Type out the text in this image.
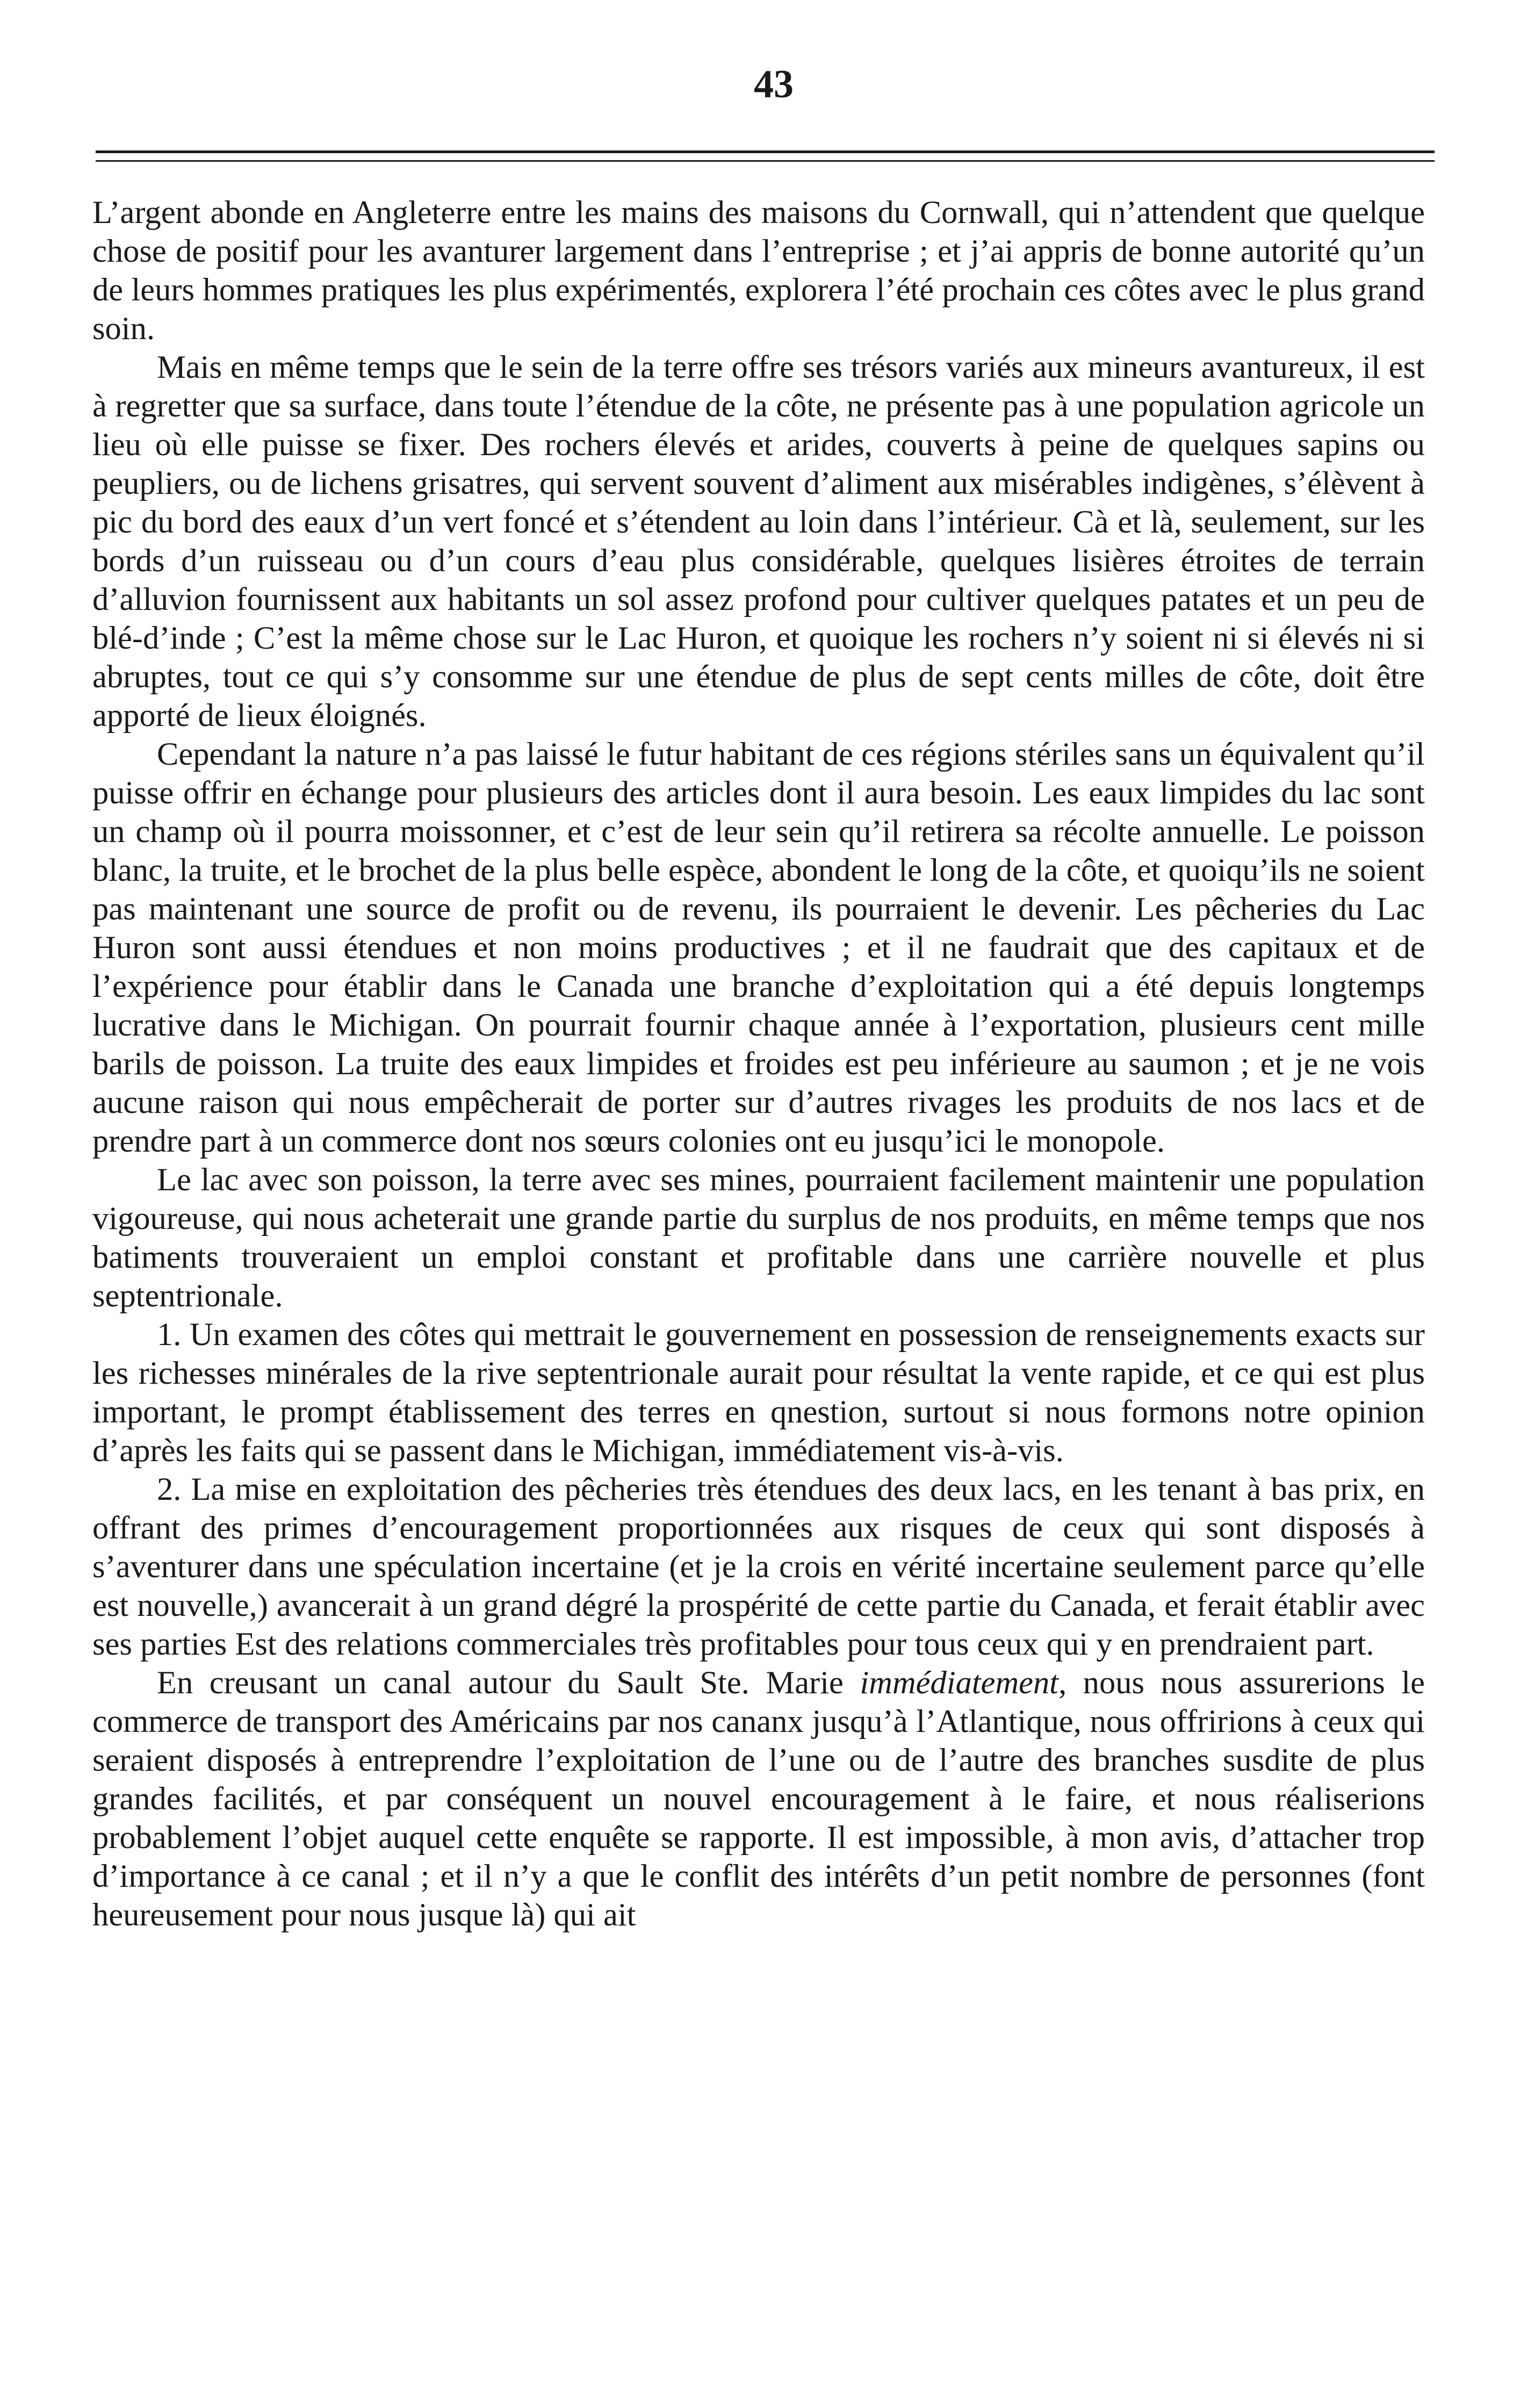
43

L’argent abonde en Angleterre entre les mains des maisons du Cornwall, qui n’attendent que quelque chose de positif pour les avanturer largement dans l’entreprise ; et j’ai appris de bonne autorité qu’un de leurs hommes pratiques les plus expérimentés, explorera l’été prochain ces côtes avec le plus grand soin.

Mais en même temps que le sein de la terre offre ses trésors variés aux mineurs avantureux, il est à regretter que sa surface, dans toute l’étendue de la côte, ne présente pas à une population agricole un lieu où elle puisse se fixer. Des rochers élevés et arides, couverts à peine de quelques sapins ou peupliers, ou de lichens grisatres, qui servent souvent d’aliment aux misérables indigènes, s’élèvent à pic du bord des eaux d’un vert foncé et s’étendent au loin dans l’intérieur. Cà et là, seulement, sur les bords d’un ruisseau ou d’un cours d’eau plus considérable, quelques lisières étroites de terrain d’alluvion fournissent aux habitants un sol assez profond pour cultiver quelques patates et un peu de blé-d’inde ; C’est la même chose sur le Lac Huron, et quoique les rochers n’y soient ni si élevés ni si abruptes, tout ce qui s’y consomme sur une étendue de plus de sept cents milles de côte, doit être apporté de lieux éloignés.

Cependant la nature n’a pas laissé le futur habitant de ces régions stériles sans un équivalent qu’il puisse offrir en échange pour plusieurs des articles dont il aura besoin. Les eaux limpides du lac sont un champ où il pourra moissonner, et c’est de leur sein qu’il retirera sa récolte annuelle. Le poisson blanc, la truite, et le brochet de la plus belle espèce, abondent le long de la côte, et quoiqu’ils ne soient pas maintenant une source de profit ou de revenu, ils pourraient le devenir. Les pêcheries du Lac Huron sont aussi étendues et non moins productives ; et il ne faudrait que des capitaux et de l’expérience pour établir dans le Canada une branche d’exploitation qui a été depuis longtemps lucrative dans le Michigan. On pourrait fournir chaque année à l’exportation, plusieurs cent mille barils de poisson. La truite des eaux limpides et froides est peu inférieure au saumon ; et je ne vois aucune raison qui nous empêcherait de porter sur d’autres rivages les produits de nos lacs et de prendre part à un commerce dont nos sœurs colonies ont eu jusqu’ici le monopole.

Le lac avec son poisson, la terre avec ses mines, pourraient facilement maintenir une population vigoureuse, qui nous acheterait une grande partie du surplus de nos produits, en même temps que nos batiments trouveraient un emploi constant et profitable dans une carrière nouvelle et plus septentrionale.

1. Un examen des côtes qui mettrait le gouvernement en possession de renseignements exacts sur les richesses minérales de la rive septentrionale aurait pour résultat la vente rapide, et ce qui est plus important, le prompt établissement des terres en qnestion, surtout si nous formons notre opinion d’après les faits qui se passent dans le Michigan, immédiatement vis-à-vis.

2. La mise en exploitation des pêcheries très étendues des deux lacs, en les tenant à bas prix, en offrant des primes d’encouragement proportionnées aux risques de ceux qui sont disposés à s’aventurer dans une spéculation incertaine (et je la crois en vérité incertaine seulement parce qu’elle est nouvelle,) avancerait à un grand dégré la prospérité de cette partie du Canada, et ferait établir avec ses parties Est des relations commerciales très profitables pour tous ceux qui y en prendraient part.

En creusant un canal autour du Sault Ste. Marie immédiatement, nous nous assurerions le commerce de transport des Américains par nos cananx jusqu’à l’Atlantique, nous offririons à ceux qui seraient disposés à entreprendre l’exploitation de l’une ou de l’autre des branches susdite de plus grandes facilités, et par conséquent un nouvel encouragement à le faire, et nous réaliserions probablement l’objet auquel cette enquête se rapporte. Il est impossible, à mon avis, d’attacher trop d’importance à ce canal ; et il n’y a que le conflit des intérêts d’un petit nombre de personnes (font heureusement pour nous jusque là) qui ait
